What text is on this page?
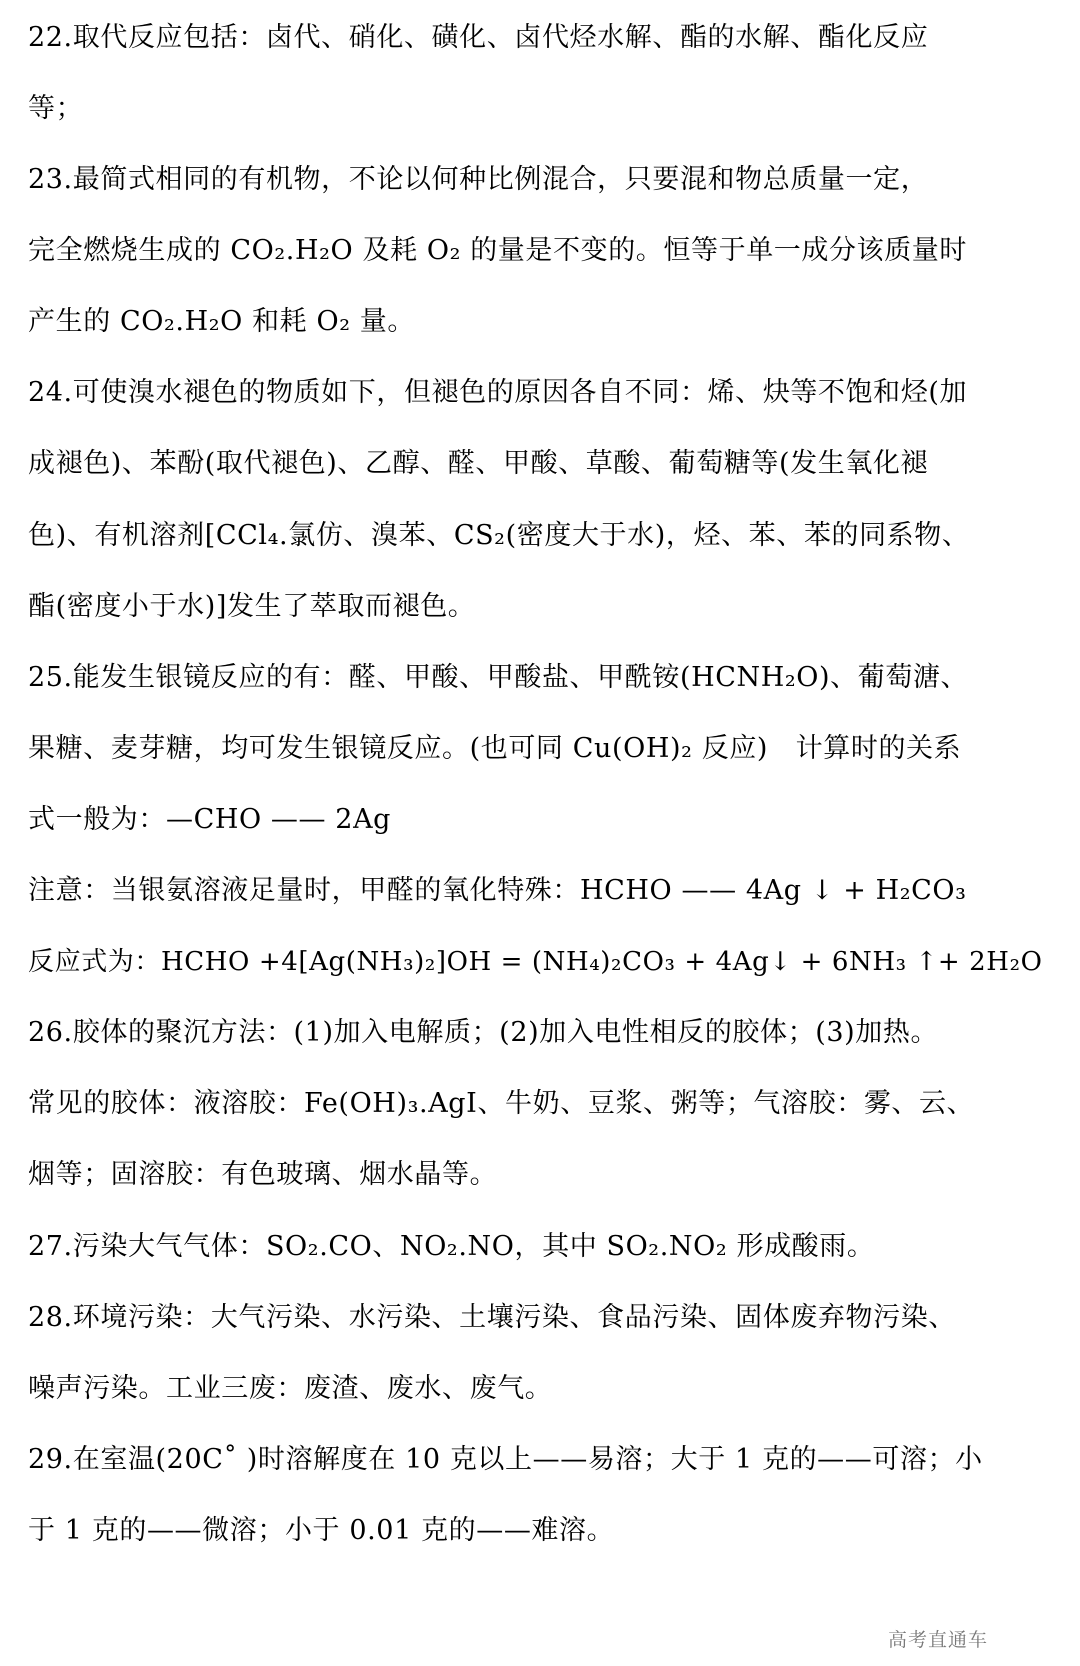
22.取代反应包括：卤代、硝化、磺化、卤代烃水解、酯的水解、酯化反应
等；
23.最简式相同的有机物，不论以何种比例混合，只要混和物总质量一定，
完全燃烧生成的 CO₂.H₂O 及耗 O₂ 的量是不变的。恒等于单一成分该质量时
产生的 CO₂.H₂O 和耗 O₂ 量。
24.可使溴水褪色的物质如下，但褪色的原因各自不同：烯、炔等不饱和烃(加
成褪色)、苯酚(取代褪色)、乙醇、醛、甲酸、草酸、葡萄糖等(发生氧化褪
色)、有机溶剂[CCl₄.氯仿、溴苯、CS₂(密度大于水)，烃、苯、苯的同系物、
酯(密度小于水)]发生了萃取而褪色。
25.能发生银镜反应的有：醛、甲酸、甲酸盐、甲酰铵(HCNH₂O)、葡萄溏、
果糖、麦芽糖，均可发生银镜反应。(也可同 Cu(OH)₂ 反应)　计算时的关系
式一般为：—CHO —— 2Ag
注意：当银氨溶液足量时，甲醛的氧化特殊：HCHO —— 4Ag ↓ + H₂CO₃
反应式为：HCHO +4[Ag(NH₃)₂]OH = (NH₄)₂CO₃ + 4Ag↓ + 6NH₃ ↑+ 2H₂O
26.胶体的聚沉方法：(1)加入电解质；(2)加入电性相反的胶体；(3)加热。
常见的胶体：液溶胶：Fe(OH)₃.AgI、牛奶、豆浆、粥等；气溶胶：雾、云、
烟等；固溶胶：有色玻璃、烟水晶等。
27.污染大气气体：SO₂.CO、NO₂.NO，其中 SO₂.NO₂ 形成酸雨。
28.环境污染：大气污染、水污染、土壤污染、食品污染、固体废弃物污染、
噪声污染。工业三废：废渣、废水、废气。
29.在室温(20C˚ )时溶解度在 10 克以上——易溶；大于 1 克的——可溶；小
于 1 克的——微溶；小于 0.01 克的——难溶。
高考直通车
